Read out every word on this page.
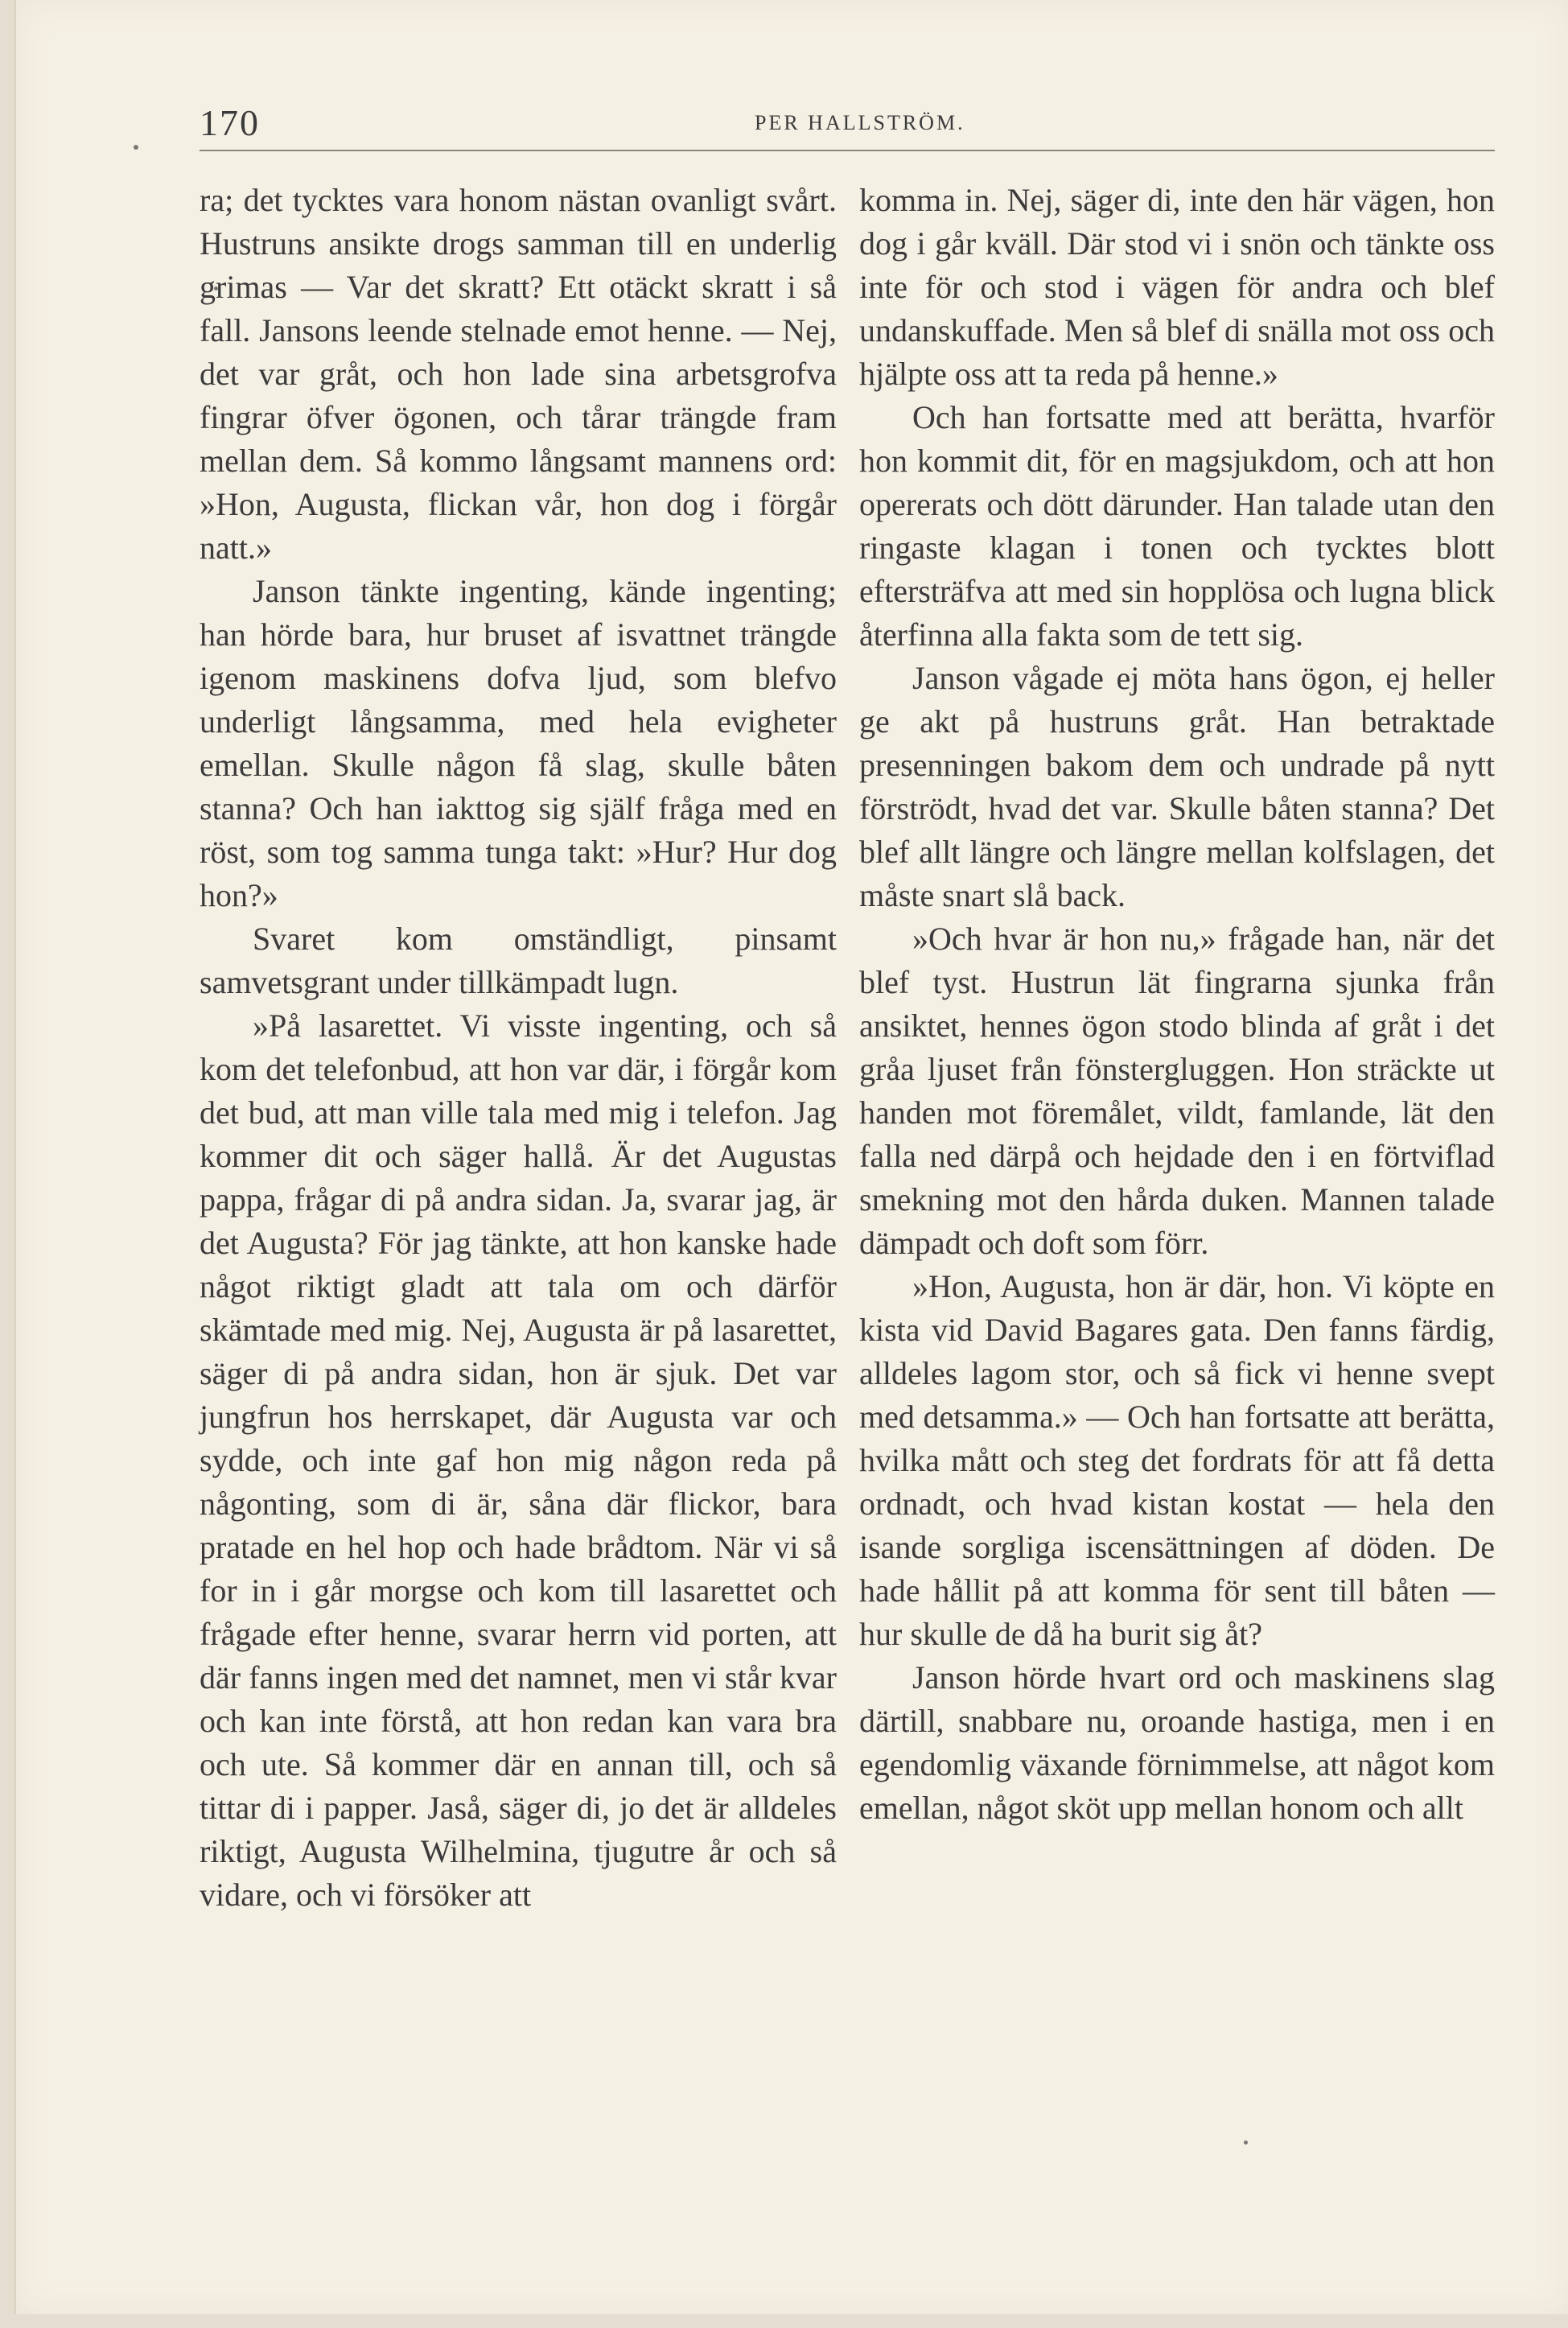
170	PER HALLSTRÖM.

ra; det tycktes vara honom nästan ovanligt svårt. Hustruns ansikte drogs samman till en underlig grimas — Var det skratt? Ett otäckt skratt i så fall. Jansons leende stelnade emot henne. — Nej, det var gråt, och hon lade sina arbetsgrofva fingrar öfver ögonen, och tårar trängde fram mellan dem. Så kommo långsamt mannens ord: »Hon, Augusta, flickan vår, hon dog i förgår natt.»

Janson tänkte ingenting, kände ingenting; han hörde bara, hur bruset af isvattnet trängde igenom maskinens dofva ljud, som blefvo underligt långsamma, med hela evigheter emellan. Skulle någon få slag, skulle båten stanna? Och han iakttog sig själf fråga med en röst, som tog samma tunga takt: »Hur? Hur dog hon?»

Svaret kom omständligt, pinsamt samvetsgrant under tillkämpadt lugn.

»På lasarettet. Vi visste ingenting, och så kom det telefonbud, att hon var där, i förgår kom det bud, att man ville tala med mig i telefon. Jag kommer dit och säger hallå. Är det Augustas pappa, frågar di på andra sidan. Ja, svarar jag, är det Augusta? För jag tänkte, att hon kanske hade något riktigt gladt att tala om och därför skämtade med mig. Nej, Augusta är på lasarettet, säger di på andra sidan, hon är sjuk. Det var jungfrun hos herrskapet, där Augusta var och sydde, och inte gaf hon mig någon reda på någonting, som di är, såna där flickor, bara pratade en hel hop och hade brådtom. När vi så for in i går morgse och kom till lasarettet och frågade efter henne, svarar herrn vid porten, att där fanns ingen med det namnet, men vi står kvar och kan inte förstå, att hon redan kan vara bra och ute. Så kommer där en annan till, och så tittar di i papper. Jaså, säger di, jo det är alldeles riktigt, Augusta Wilhelmina, tjugutre år och så vidare, och vi försöker att

komma in. Nej, säger di, inte den här vägen, hon dog i går kväll. Där stod vi i snön och tänkte oss inte för och stod i vägen för andra och blef undanskuffade. Men så blef di snälla mot oss och hjälpte oss att ta reda på henne.»

Och han fortsatte med att berätta, hvarför hon kommit dit, för en magsjukdom, och att hon opererats och dött därunder. Han talade utan den ringaste klagan i tonen och tycktes blott eftersträfva att med sin hopplösa och lugna blick återfinna alla fakta som de tett sig.

Janson vågade ej möta hans ögon, ej heller ge akt på hustruns gråt. Han betraktade presenningen bakom dem och undrade på nytt förströdt, hvad det var. Skulle båten stanna? Det blef allt längre och längre mellan kolfslagen, det måste snart slå back.

»Och hvar är hon nu,» frågade han, när det blef tyst. Hustrun lät fingrarna sjunka från ansiktet, hennes ögon stodo blinda af gråt i det gråa ljuset från fönstergluggen. Hon sträckte ut handen mot föremålet, vildt, famlande, lät den falla ned därpå och hejdade den i en förtviflad smekning mot den hårda duken. Mannen talade dämpadt och doft som förr.

»Hon, Augusta, hon är där, hon. Vi köpte en kista vid David Bagares gata. Den fanns färdig, alldeles lagom stor, och så fick vi henne svept med detsamma.» — Och han fortsatte att berätta, hvilka mått och steg det fordrats för att få detta ordnadt, och hvad kistan kostat — hela den isande sorgliga iscensättningen af döden. De hade hållit på att komma för sent till båten — hur skulle de då ha burit sig åt?

Janson hörde hvart ord och maskinens slag därtill, snabbare nu, oroande hastiga, men i en egendomlig växande förnimmelse, att något kom emellan, något sköt upp mellan honom och allt
